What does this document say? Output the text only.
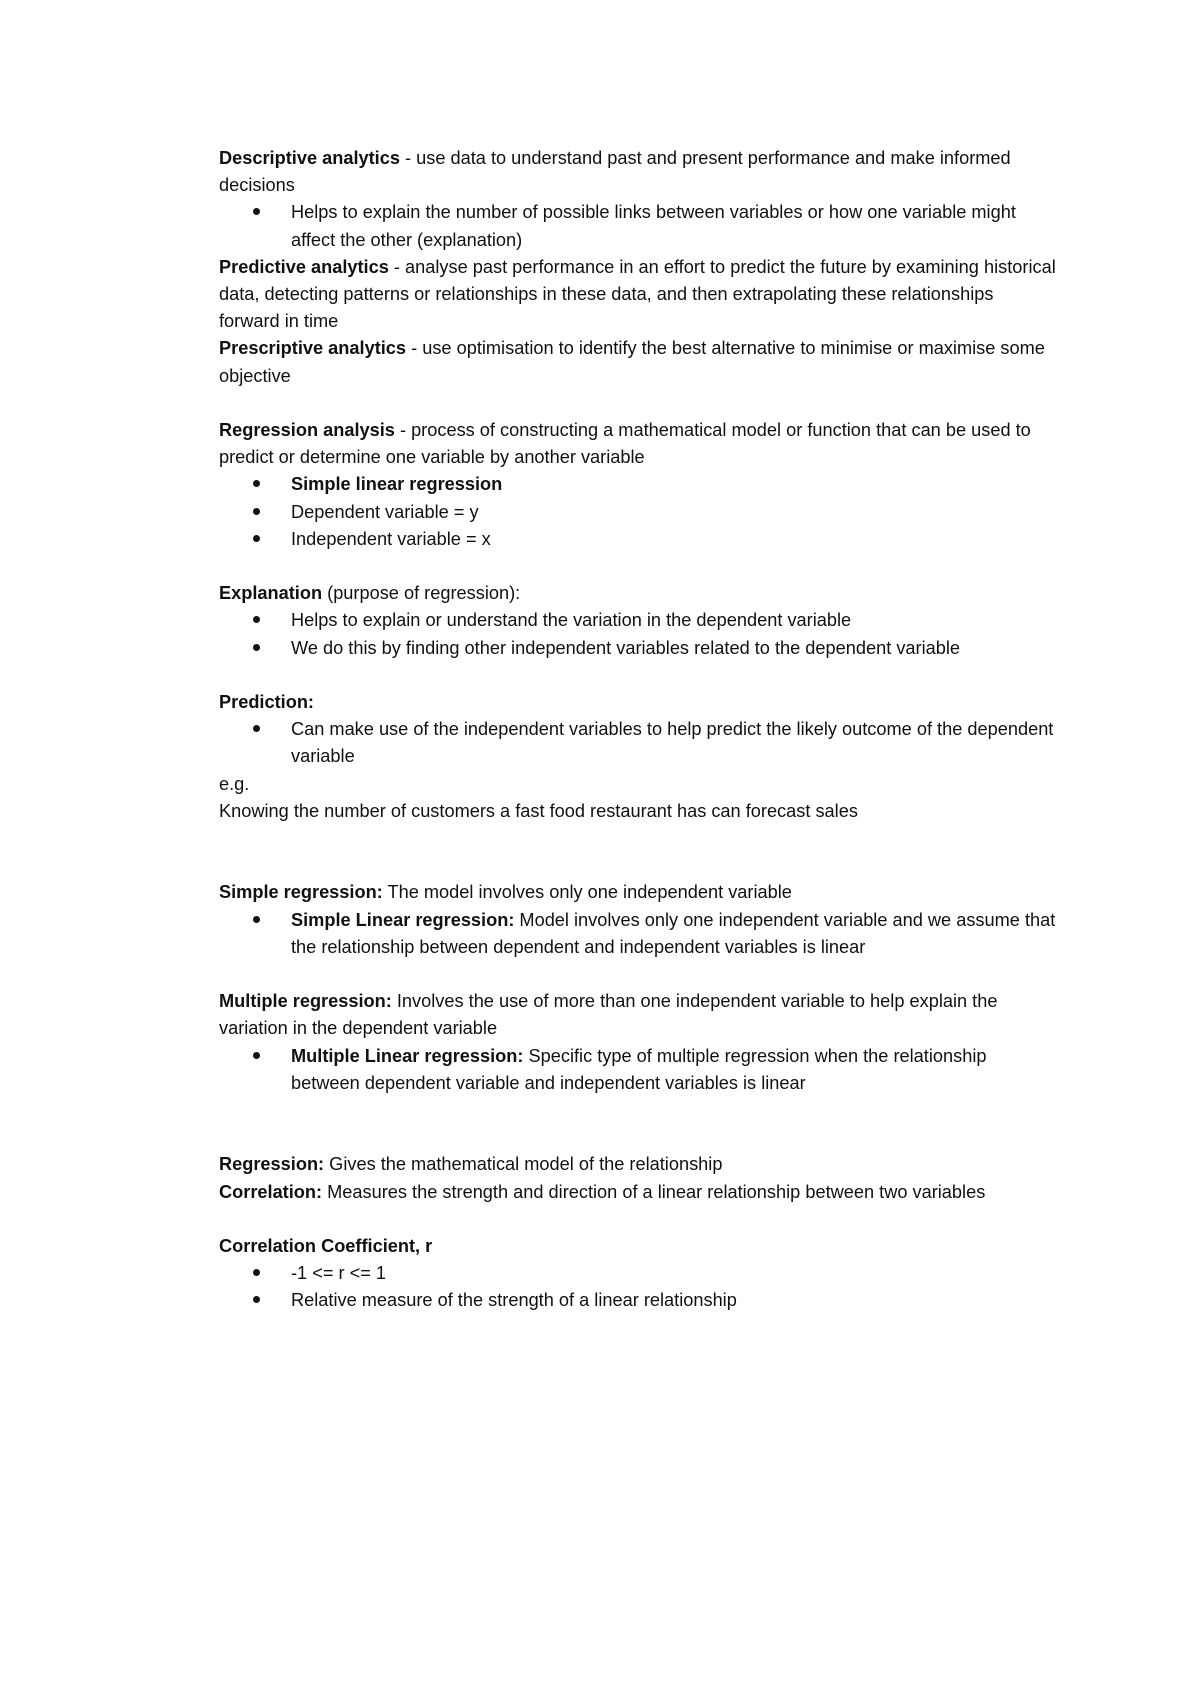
Descriptive analytics - use data to understand past and present performance and make informed decisions

Helps to explain the number of possible links between variables or how one variable might affect the other (explanation)

Predictive analytics - analyse past performance in an effort to predict the future by examining historical data, detecting patterns or relationships in these data, and then extrapolating these relationships forward in time

Prescriptive analytics - use optimisation to identify the best alternative to minimise or maximise some objective

Regression analysis - process of constructing a mathematical model or function that can be used to predict or determine one variable by another variable

Simple linear regression
Dependent variable = y
Independent variable = x

Explanation (purpose of regression):

Helps to explain or understand the variation in the dependent variable
We do this by finding other independent variables related to the dependent variable

Prediction:

Can make use of the independent variables to help predict the likely outcome of the dependent variable

e.g.

Knowing the number of customers a fast food restaurant has can forecast sales

Simple regression: The model involves only one independent variable

Simple Linear regression: Model involves only one independent variable and we assume that the relationship between dependent and independent variables is linear

Multiple regression: Involves the use of more than one independent variable to help explain the variation in the dependent variable

Multiple Linear regression: Specific type of multiple regression when the relationship between dependent variable and independent variables is linear

Regression: Gives the mathematical model of the relationship

Correlation: Measures the strength and direction of a linear relationship between two variables

Correlation Coefficient, r

-1 <= r <= 1
Relative measure of the strength of a linear relationship
